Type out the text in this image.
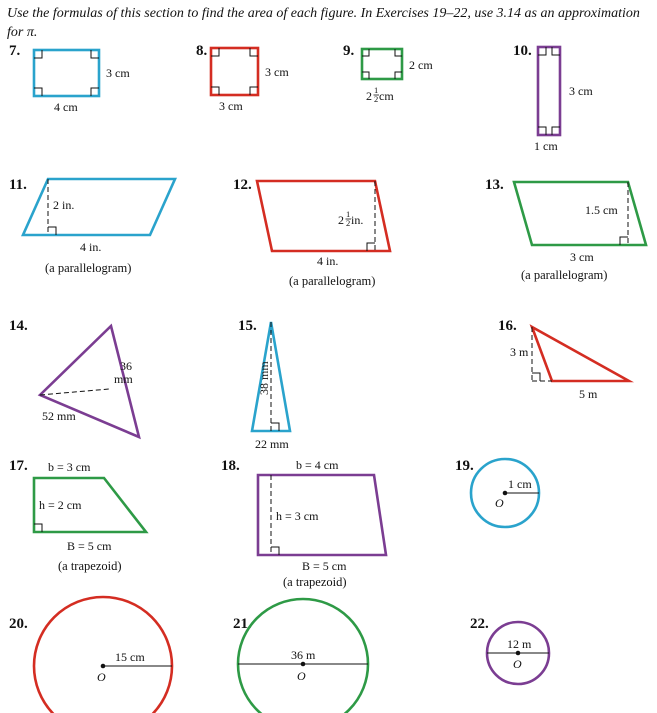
Use the formulas of this section to find the area of each figure. In Exercises 19–22, use 3.14 as an approximation for π.
7.	8.	9.	10.
11.	12.	13.
14.	15.	16.
17.	18.	19.
20.	21.	22.
3 cm
4 cm
3 cm
3 cm
2 cm
2 1
2 cm	3 cm
1 cm
2 in.
4 in.
(a parallelogram)
2 1
2 in.
4 in.
(a parallelogram)
1.5 cm
3 cm
(a parallelogram)
36
mm
52 mm
38 mm
22 mm
3 m
5 m
b = 3 cm
h = 2 cm
B = 5 cm
(a trapezoid)
b = 4 cm
h = 3 cm
B = 5 cm
(a trapezoid)
1 cm
O
15 cm
O
36 m
O
12 m
O
